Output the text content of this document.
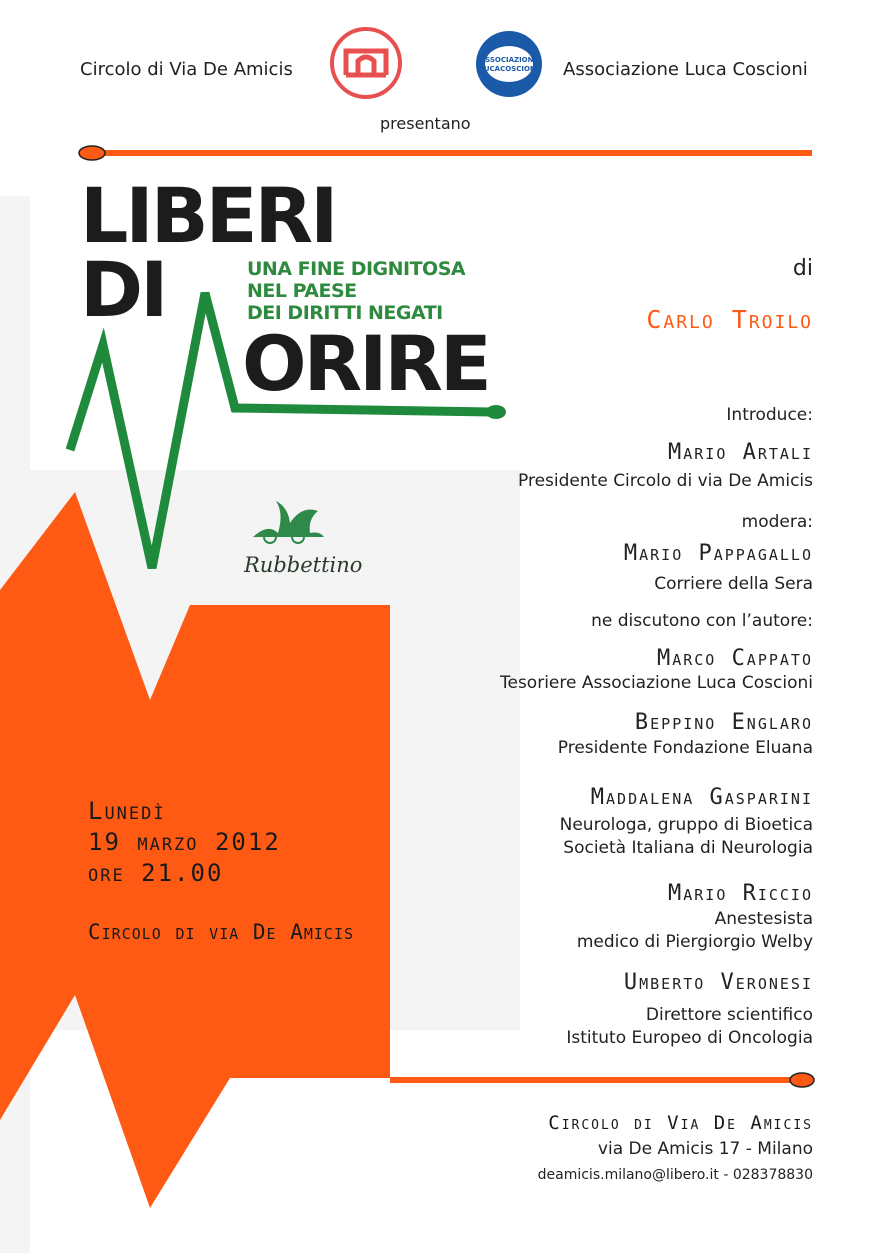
Circolo di Via De Amicis	ASSOCIAZIONE
LUCACOSCIONI Associazione Luca Coscioni
presentano
LIBERI
DI
ORIRE
UNA FINE DIGNITOSA
NEL PAESE
DEI DIRITTI NEGATI
Rubbettino
di
Carlo Troilo
Introduce:
Mario Artali
Presidente Circolo di via De Amicis
modera:
Mario Pappagallo
Corriere della Sera
ne discutono con l’autore:
Marco Cappato
Tesoriere Associazione Luca Coscioni
Beppino Englaro
Presidente Fondazione Eluana
Maddalena Gasparini
Neurologa, gruppo di Bioetica
Società Italiana di Neurologia
Mario Riccio
Anestesista
medico di Piergiorgio Welby
Umberto Veronesi
Direttore scientifico
Istituto Europeo di Oncologia
Lunedì
19 marzo 2012
ore 21.00
Circolo di via De Amicis
Circolo di Via De Amicis
via De Amicis 17 - Milano
deamicis.milano@libero.it - 028378830
